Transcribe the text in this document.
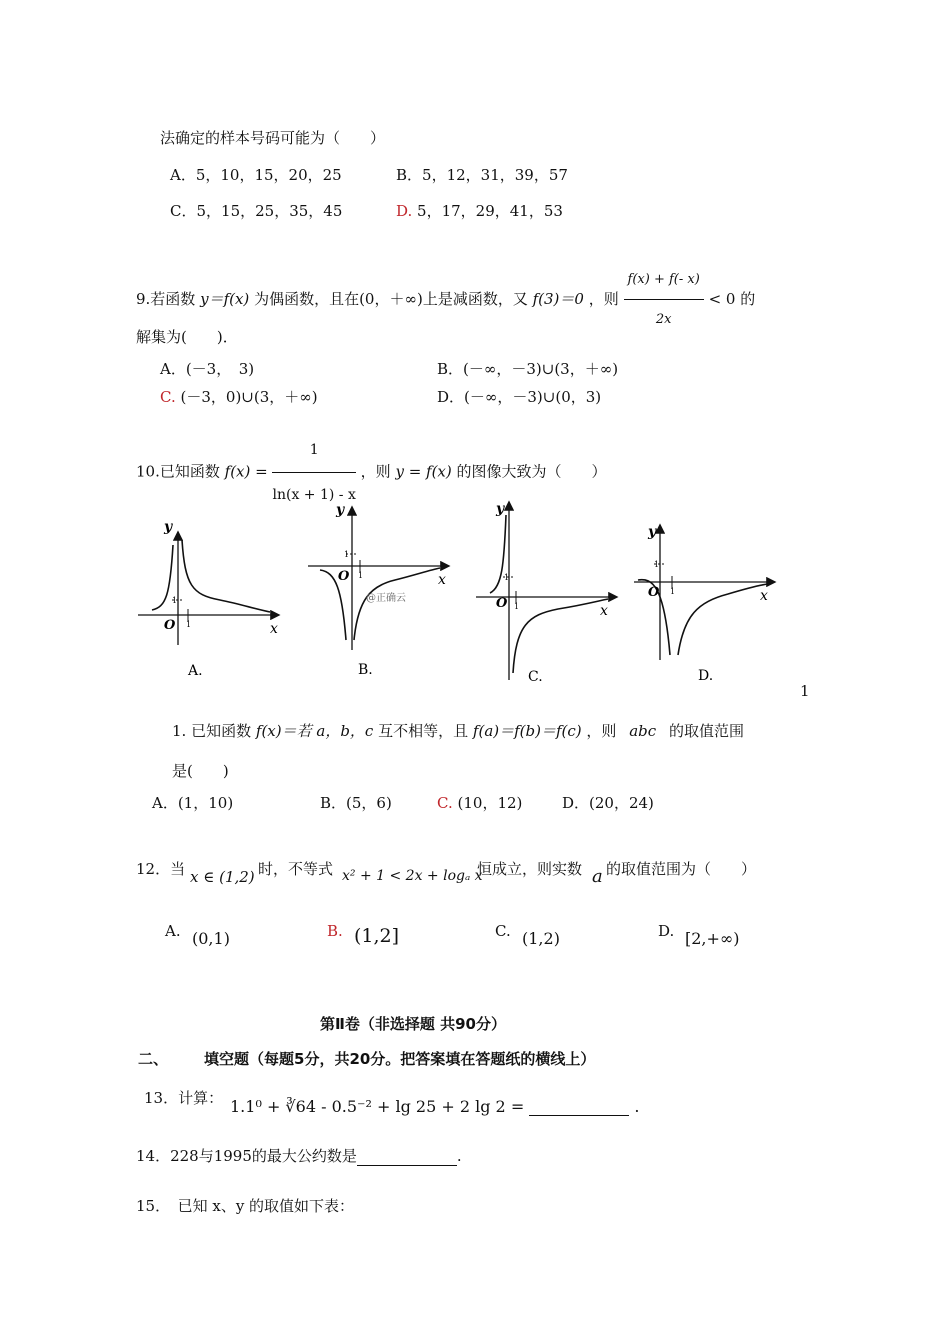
法确定的样本号码可能为（　　）
A．5，10，15，20，25	B．5，12，31，39，57
C．5，15，25，35，45	D. 5，17，29，41，53
9.若函数 y＝f(x) 为偶函数，且在(0，＋∞)上是减函数，又 f(3)＝0 ，则 $\frac{f(x) + f(- x)}{2x} < 0$ 的
解集为(　　)．
A．(－3，　3)	B．(－∞，－3)∪(3，＋∞)
C. (－3，0)∪(3，＋∞)	D．(－∞，－3)∪(0，3)
10.已知函数 $f(x) = \frac{1}{\ln(x + 1) - x}$ ，则 y = f(x) 的图像大致为（　　）
y
x
O
1
1
A.
y
x
O
1
1
@正确云
B.
y
x
O
1
1
C.
y
x
O
1
1
D.
1
1. 已知函数 f(x)＝若 a，b，c 互不相等，且 f(a)＝f(b)＝f(c) ，则 abc 的取值范围
是(　　)
A．(1，10)	B．(5，6)	C. (10，12)	D．(20，24)
12．当 x ∈ (1,2) 时，不等式 x² + 1 < 2x + logₐ x
恒成立，则实数 a 的取值范围为（　　）
A. (0,1)	B. (1,2]	C. (1,2)	D. [2,+∞)
第Ⅱ卷（非选择题 共90分）
二、 填空题（每题5分，共20分。把答案填在答题纸的横线上）
13．计算： 1.1⁰ + ∛64 - 0.5⁻² + lg 25 + 2 lg 2 =	.
14．228与1995的最大公约数是	.
15．　已知 x、y 的取值如下表：
